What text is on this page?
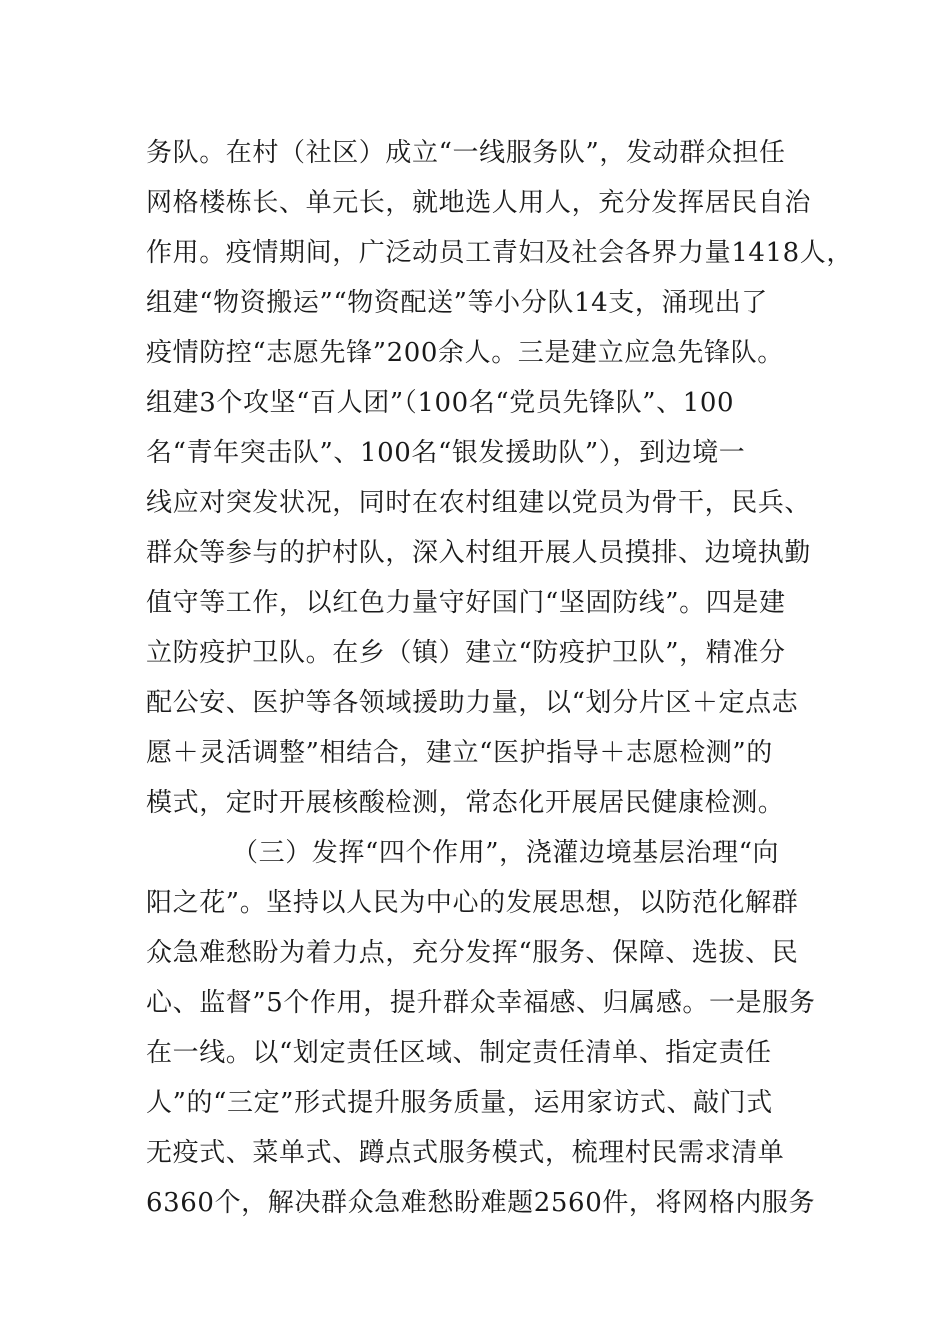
务队。在村（社区）成立“一线服务队”，发动群众担任
网格楼栋长、单元长，就地选人用人，充分发挥居民自治
作用。疫情期间，广泛动员工青妇及社会各界力量1418人，
组建“物资搬运”“物资配送”等小分队14支，涌现出了
疫情防控“志愿先锋”200余人。三是建立应急先锋队。
组建3个攻坚“百人团”（100名“党员先锋队”、100
名“青年突击队”、100名“银发援助队”），到边境一
线应对突发状况，同时在农村组建以党员为骨干，民兵、
群众等参与的护村队，深入村组开展人员摸排、边境执勤
值守等工作，以红色力量守好国门“坚固防线”。四是建
立防疫护卫队。在乡（镇）建立“防疫护卫队”，精准分
配公安、医护等各领域援助力量，以“划分片区＋定点志
愿＋灵活调整”相结合，建立“医护指导＋志愿检测”的
模式，定时开展核酸检测，常态化开展居民健康检测。
（三）发挥“四个作用”，浇灌边境基层治理“向
阳之花”。坚持以人民为中心的发展思想，以防范化解群
众急难愁盼为着力点，充分发挥“服务、保障、选拔、民
心、监督”5个作用，提升群众幸福感、归属感。一是服务
在一线。以“划定责任区域、制定责任清单、指定责任
人”的“三定”形式提升服务质量，运用家访式、敲门式
无疫式、菜单式、蹲点式服务模式，梳理村民需求清单
6360个，解决群众急难愁盼难题2560件，将网格内服务
